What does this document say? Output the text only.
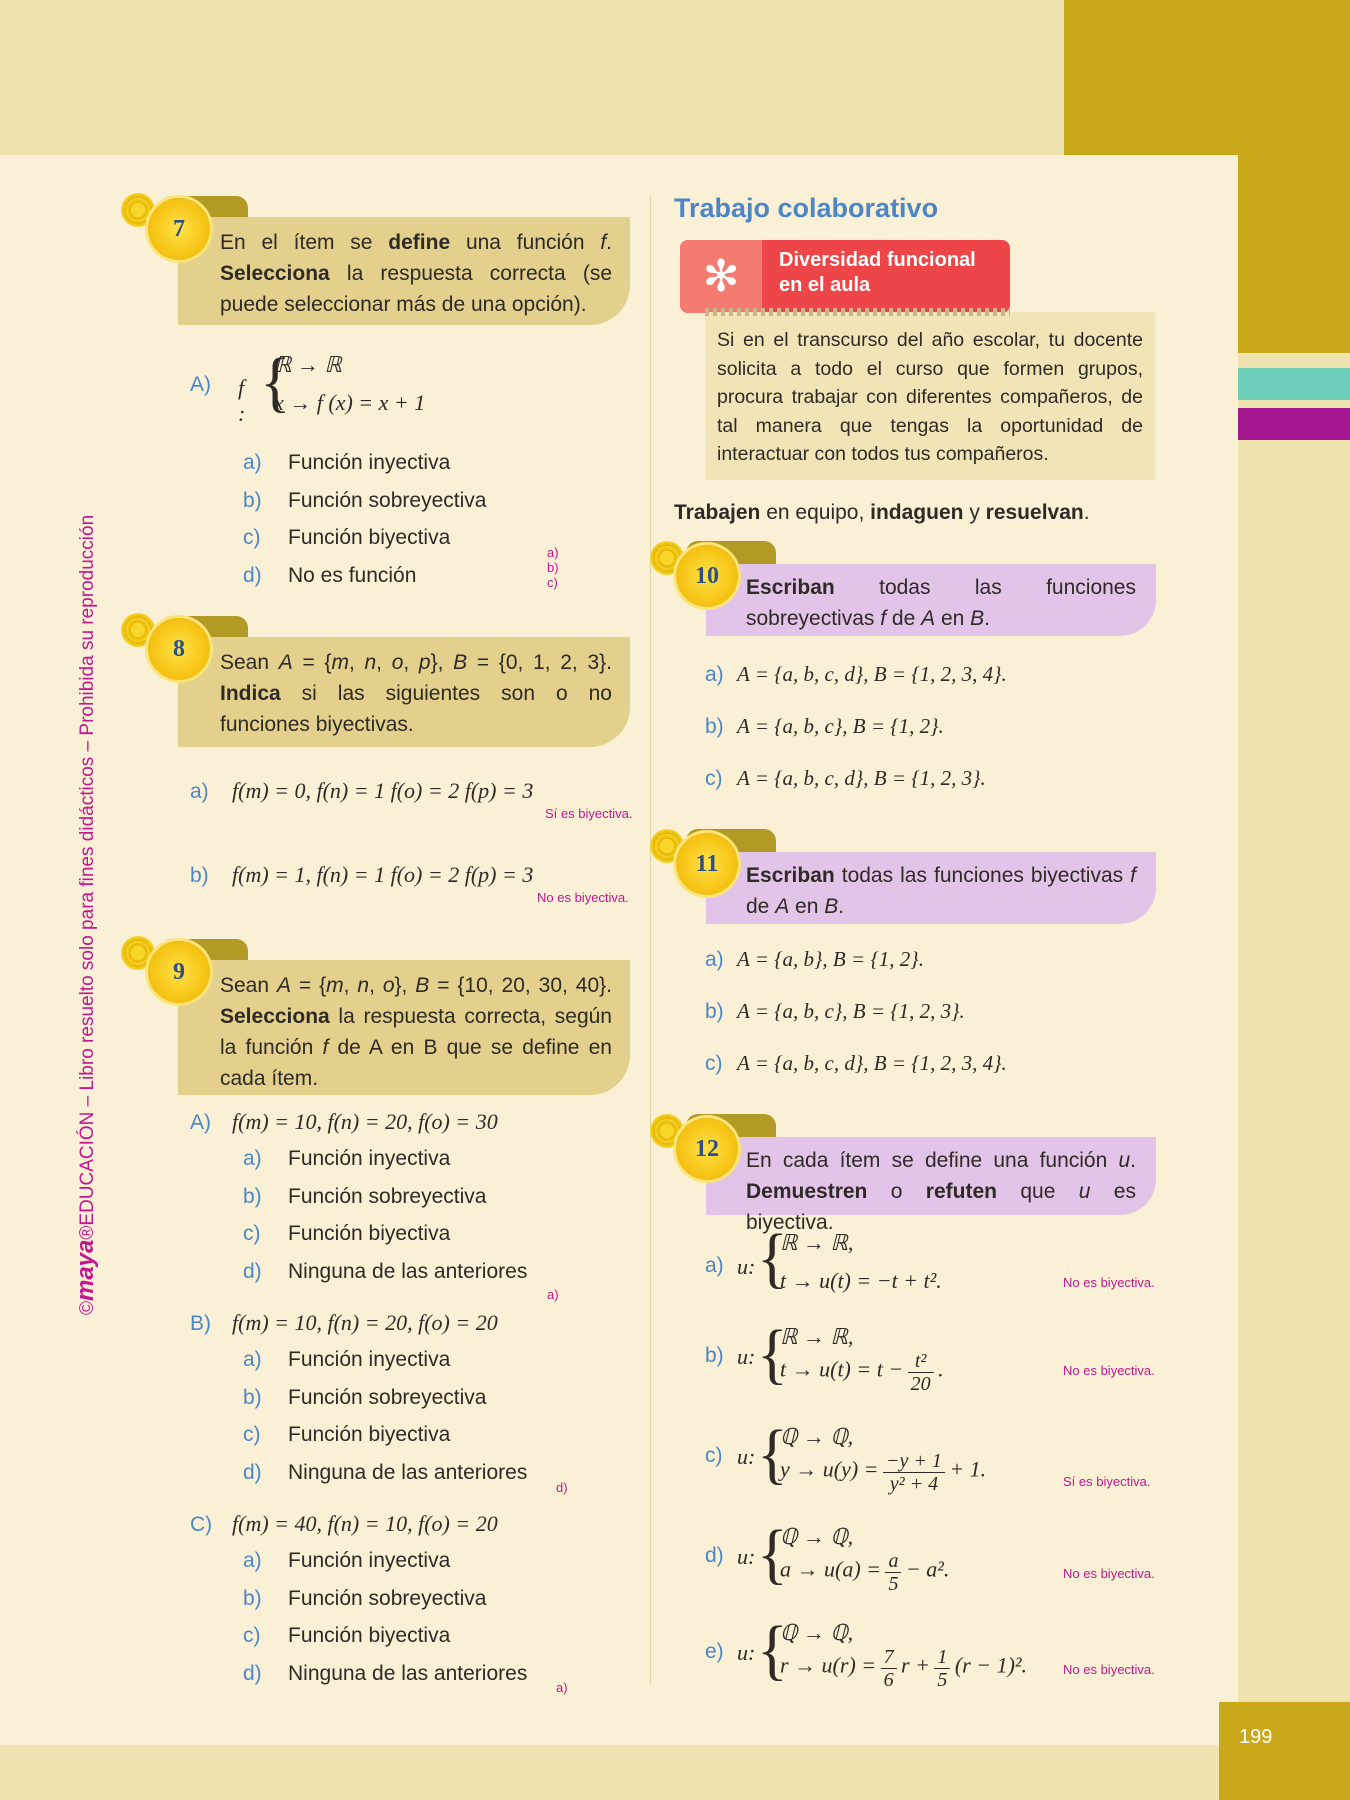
199
©maya®EDUCACIÓN – Libro resuelto solo para fines didácticos – Prohibida su reproducción
En el ítem se define una función f. Selecciona la respuesta correcta (se puede seleccionar más de una opción).
7
A) f : {
ℝ → ℝ
x → f (x) = x + 1
a) Función inyectiva
b) Función sobreyectiva
c) Función biyectiva
d) No es función
a)
b)
c)
Sean A = {m, n, o, p}, B = {0, 1, 2, 3}. Indica si las siguientes son o no funciones biyectivas.
8
a) f(m) = 0, f(n) = 1 f(o) = 2 f(p) = 3
Sí es biyectiva.
b) f(m) = 1, f(n) = 1 f(o) = 2 f(p) = 3
No es biyectiva.
Sean A = {m, n, o}, B = {10, 20, 30, 40}. Selecciona la respuesta correcta, según la función f de A en B que se define en cada ítem.
9
A) f(m) = 10, f(n) = 20, f(o) = 30
a) Función inyectiva
b) Función sobreyectiva
c) Función biyectiva
d) Ninguna de las anteriores
B) f(m) = 10, f(n) = 20, f(o) = 20
a) Función inyectiva
b) Función sobreyectiva
c) Función biyectiva
d) Ninguna de las anteriores
C) f(m) = 40, f(n) = 10, f(o) = 20
a) Función inyectiva
b) Función sobreyectiva
c) Función biyectiva
d) Ninguna de las anteriores
Trabajo colaborativo
✻	Diversidad funcional
en el aula
Si en el transcurso del año escolar, tu docente solicita a todo el curso que formen grupos, procura trabajar con diferentes compañeros, de tal manera que tengas la oportunidad de interactuar con todos tus compañeros.
Trabajen en equipo, indaguen y resuelvan.
Escriban todas las funciones sobreyectivas f de A en B.
10
a) A = {a, b, c, d}, B = {1, 2, 3, 4}.
b) A = {a, b, c}, B = {1, 2}.
c) A = {a, b, c, d}, B = {1, 2, 3}.
Escriban todas las funciones biyectivas f de A en B.
11
a) A = {a, b}, B = {1, 2}.
b) A = {a, b, c}, B = {1, 2, 3}.
c) A = {a, b, c, d}, B = {1, 2, 3, 4}.
En cada ítem se define una función u. Demuestren o refuten que u es biyectiva.
12
a) u: {
ℝ → ℝ,
t → u(t) = −t + t².	No es biyectiva.
b) u: {
ℝ → ℝ,
$t \to u(t) = t - \frac{\text{t²}}{20}$ .	No es biyectiva.
c) u: {
ℚ → ℚ,
$y \to u(y) = \frac{-y + 1}{\text{y² + 4}} + 1$.	Sí es biyectiva.
d) u: {
ℚ → ℚ,
$a \to u(a) = \frac{a}{5} - a^2$.	No es biyectiva.
e) u: {
ℚ → ℚ,
$r \to u(r) = \frac{7}{6}$ $r + \frac{1}{5} (r - 1)^2$.	No es biyectiva.
a)
d)
a)
